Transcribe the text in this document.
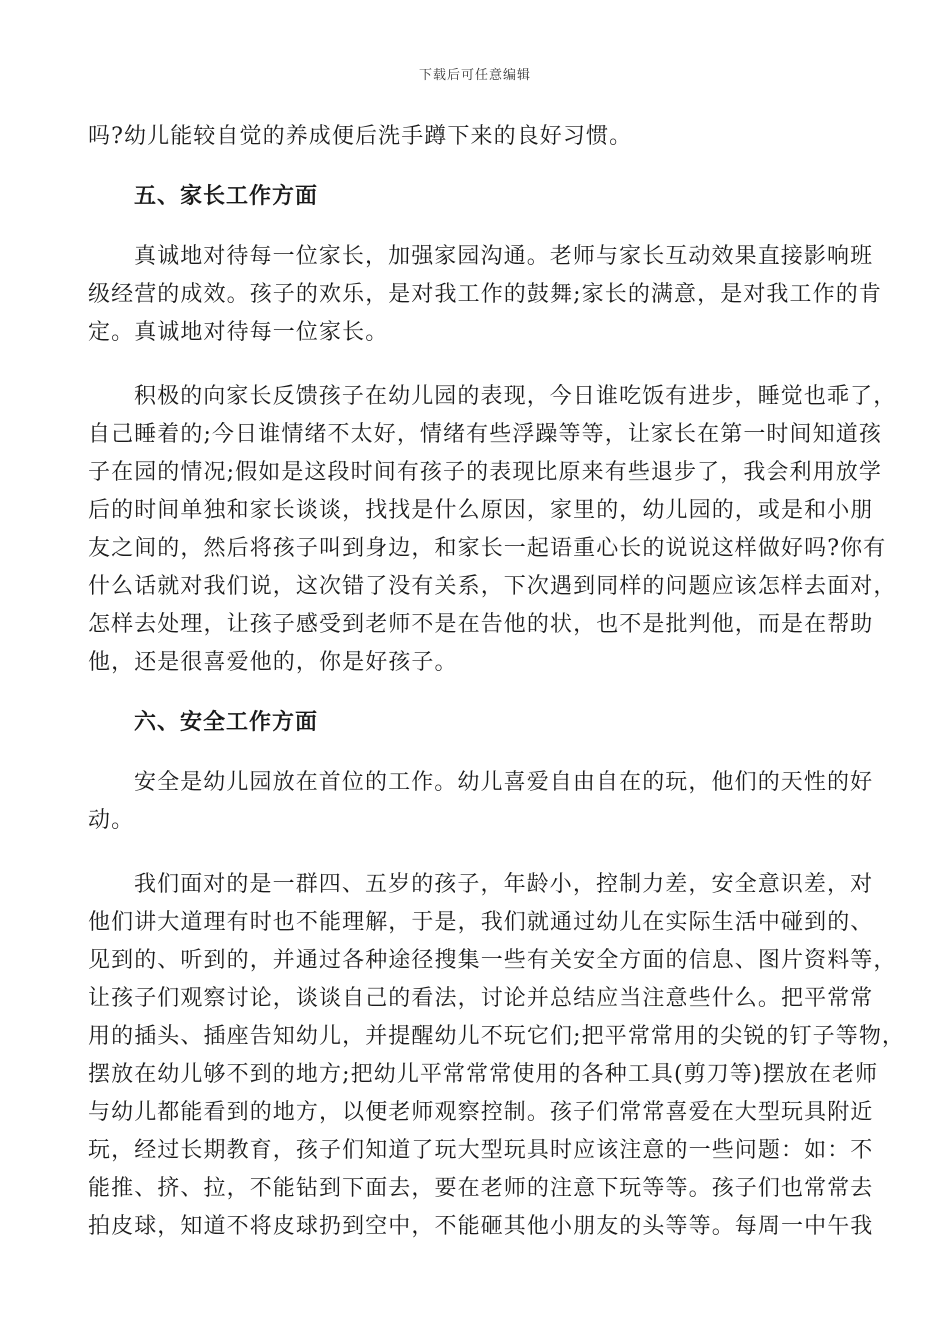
下载后可任意编辑
吗?幼儿能较自觉的养成便后洗手蹲下来的良好习惯。
五、家长工作方面
真诚地对待每一位家长，加强家园沟通。老师与家长互动效果直接影响班
级经营的成效。孩子的欢乐，是对我工作的鼓舞;家长的满意，是对我工作的肯
定。真诚地对待每一位家长。
积极的向家长反馈孩子在幼儿园的表现，今日谁吃饭有进步，睡觉也乖了，
自己睡着的;今日谁情绪不太好，情绪有些浮躁等等，让家长在第一时间知道孩
子在园的情况;假如是这段时间有孩子的表现比原来有些退步了，我会利用放学
后的时间单独和家长谈谈，找找是什么原因，家里的，幼儿园的，或是和小朋
友之间的，然后将孩子叫到身边，和家长一起语重心长的说说这样做好吗?你有
什么话就对我们说，这次错了没有关系，下次遇到同样的问题应该怎样去面对，
怎样去处理，让孩子感受到老师不是在告他的状，也不是批判他，而是在帮助
他，还是很喜爱他的，你是好孩子。
六、安全工作方面
安全是幼儿园放在首位的工作。幼儿喜爱自由自在的玩，他们的天性的好
动。
我们面对的是一群四、五岁的孩子，年龄小，控制力差，安全意识差，对
他们讲大道理有时也不能理解，于是，我们就通过幼儿在实际生活中碰到的、
见到的、听到的，并通过各种途径搜集一些有关安全方面的信息、图片资料等，
让孩子们观察讨论，谈谈自己的看法，讨论并总结应当注意些什么。把平常常
用的插头、插座告知幼儿，并提醒幼儿不玩它们;把平常常用的尖锐的钉子等物，
摆放在幼儿够不到的地方;把幼儿平常常常使用的各种工具(剪刀等)摆放在老师
与幼儿都能看到的地方，以便老师观察控制。孩子们常常喜爱在大型玩具附近
玩，经过长期教育，孩子们知道了玩大型玩具时应该注意的一些问题：如：不
能推、挤、拉，不能钻到下面去，要在老师的注意下玩等等。孩子们也常常去
拍皮球，知道不将皮球扔到空中，不能砸其他小朋友的头等等。每周一中午我
